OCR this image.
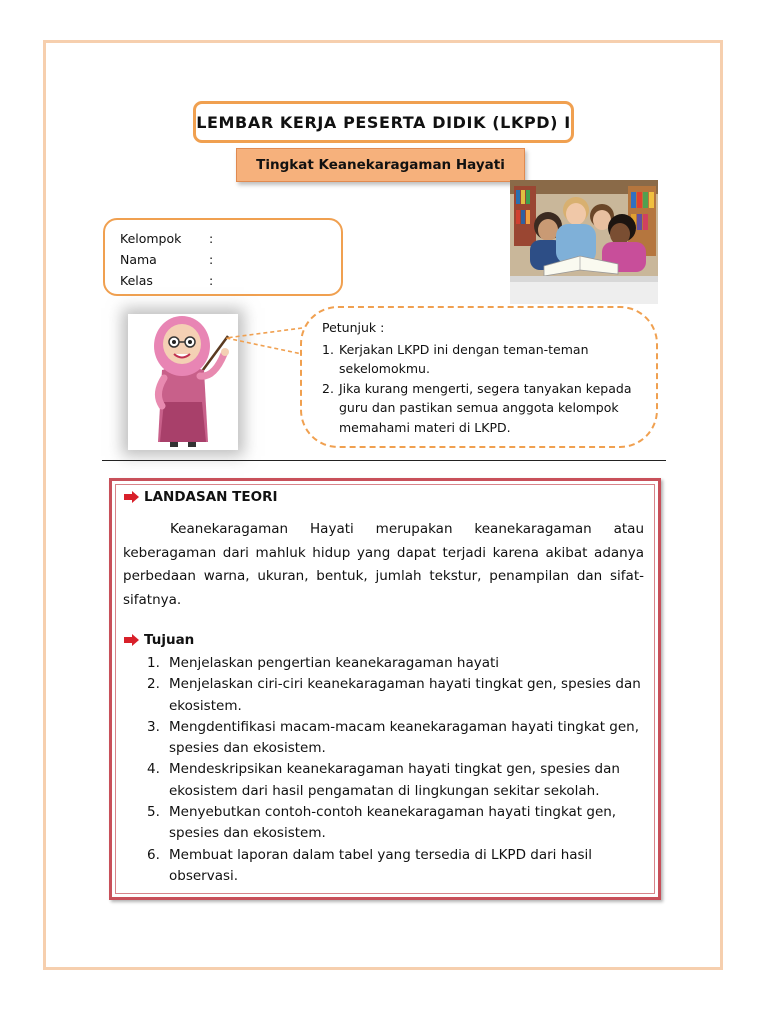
LEMBAR KERJA PESERTA DIDIK (LKPD) I
Tingkat Keanekaragaman Hayati
Kelompok	:
Nama	:
Kelas	:
Petunjuk :
1. Kerjakan LKPD ini dengan teman-teman sekelomokmu.
2. Jika kurang mengerti, segera tanyakan kepada guru dan pastikan semua anggota kelompok memahami materi di LKPD.
LANDASAN TEORI
Keanekaragaman Hayati merupakan keanekaragaman atau keberagaman dari mahluk hidup yang dapat terjadi karena akibat adanya perbedaan warna, ukuran, bentuk, jumlah tekstur, penampilan dan sifat-sifatnya.
Tujuan
1. Menjelaskan pengertian keanekaragaman hayati
2. Menjelaskan ciri-ciri keanekaragaman hayati tingkat gen, spesies dan ekosistem.
3. Mengdentifikasi macam-macam keanekaragaman hayati tingkat gen, spesies dan ekosistem.
4. Mendeskripsikan keanekaragaman hayati tingkat gen, spesies dan ekosistem dari hasil pengamatan di lingkungan sekitar sekolah.
5. Menyebutkan contoh-contoh keanekaragaman hayati tingkat gen, spesies dan ekosistem.
6. Membuat laporan dalam tabel yang tersedia di LKPD dari hasil observasi.
